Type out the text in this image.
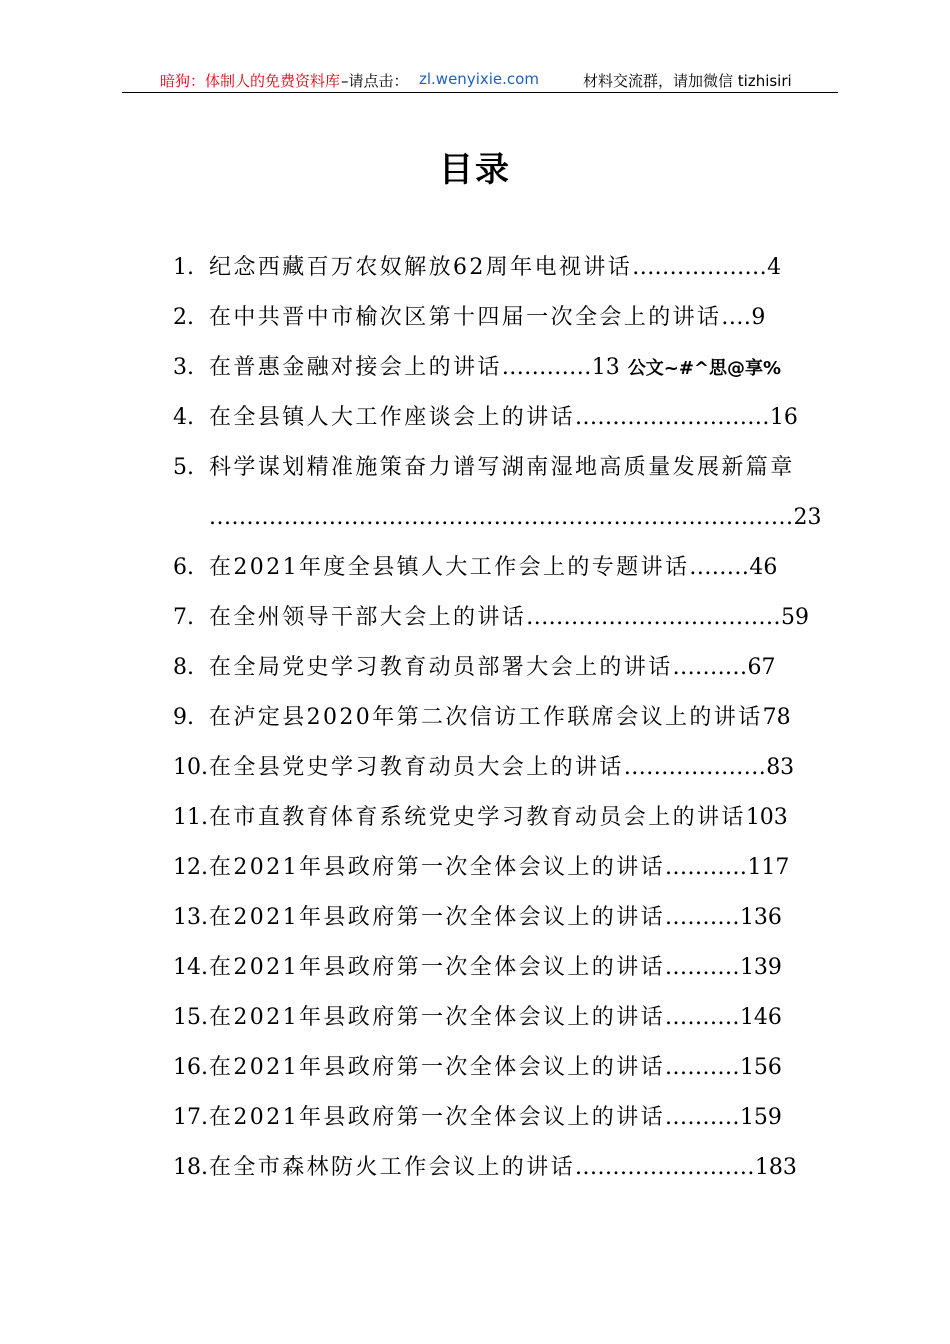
暗狗：体制人的免费资料库 –请点击： zl.wenyixie.com	材料交流群，请加微信 tizhisiri
目录
1. 纪念西藏百万农奴解放62周年电视讲话..................4
2. 在中共晋中市榆次区第十四届一次全会上的讲话....9
3. 在普惠金融对接会上的讲话............13 公文~#^思@享%
4. 在全县镇人大工作座谈会上的讲话..........................16
5. 科学谋划精准施策奋力谱写湖南湿地高质量发展新篇章
..............................................................................23
6. 在2021年度全县镇人大工作会上的专题讲话........46
7. 在全州领导干部大会上的讲话..................................59
8. 在全局党史学习教育动员部署大会上的讲话..........67
9. 在泸定县2020年第二次信访工作联席会议上的讲话78
10. 在全县党史学习教育动员大会上的讲话...................83
11. 在市直教育体育系统党史学习教育动员会上的讲话103
12. 在2021年县政府第一次全体会议上的讲话...........117
13. 在2021年县政府第一次全体会议上的讲话..........136
14. 在2021年县政府第一次全体会议上的讲话..........139
15. 在2021年县政府第一次全体会议上的讲话..........146
16. 在2021年县政府第一次全体会议上的讲话..........156
17. 在2021年县政府第一次全体会议上的讲话..........159
18. 在全市森林防火工作会议上的讲话........................183
